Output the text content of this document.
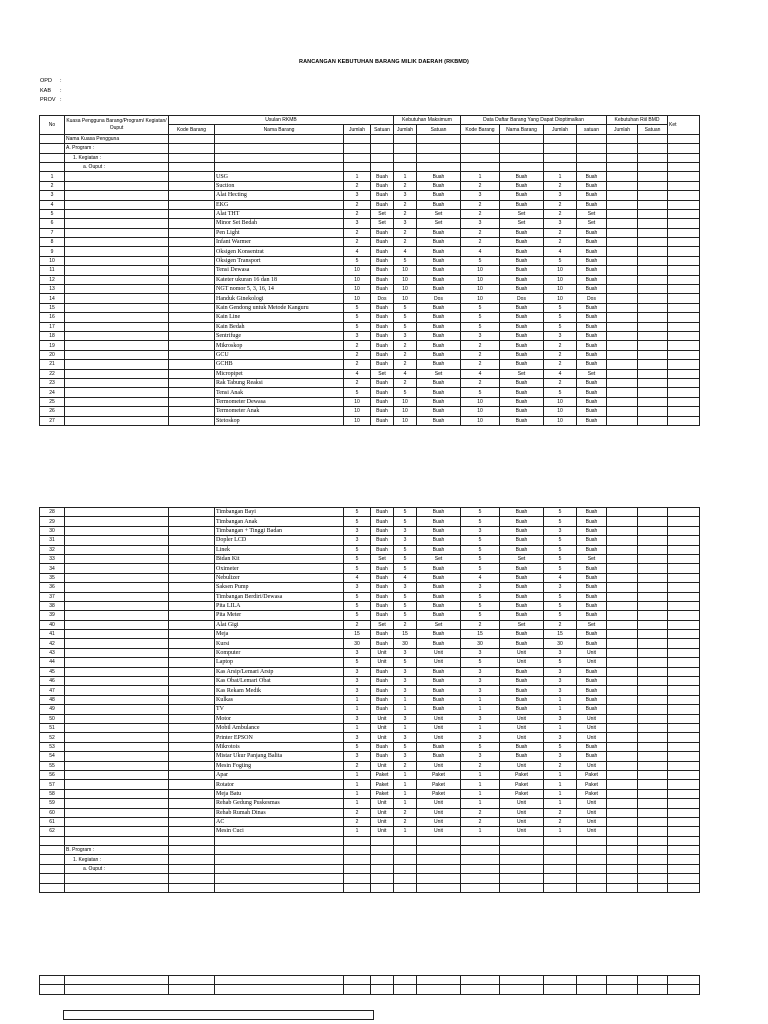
RANCANGAN KEBUTUHAN BARANG MILIK DAERAH (RKBMD)
OPD :
KAB :
PROV :
No	Kuasa Pengguna Barang/Program/ Kegiatan/ Ouput	Usulan RKMB				Kebutuhan Maksimum		Data Daftar Barang Yang Dapat Dioptimalkan				Kebutuhan Riil BMD		Ket
		Kode Barang	Nama Barang	Jumlah	Satuan	Jumlah	Satuan	Kode Barang	Nama Barang	Jumlah	satuan	Jumlah	Satuan	
	Nama Kuasa Pengguna													
	A. Program :													
	1. Kegiatan :													
	a. Ouput :													
1			USG	1	Buah	1	Buah	1	Buah	1	Buah			
2			Suction	2	Buah	2	Buah	2	Buah	2	Buah			
3			Alat Hecting	3	Buah	3	Buah	3	Buah	3	Buah			
4			EKG	2	Buah	2	Buah	2	Buah	2	Buah			
5			Alat THT	2	Set	2	Set	2	Set	2	Set			
6			Minor Set Bedah	3	Set	3	Set	3	Set	3	Set			
7			Pen Light	2	Buah	2	Buah	2	Buah	2	Buah			
8			Infant Warmer	2	Buah	2	Buah	2	Buah	2	Buah			
9			Oksigen Konsentrat	4	Buah	4	Buah	4	Buah	4	Buah			
10			Oksigen Transport	5	Buah	5	Buah	5	Buah	5	Buah			
11			Tensi Dewasa	10	Buah	10	Buah	10	Buah	10	Buah			
12			Kateter ukuran 16 dan 18	10	Buah	10	Buah	10	Buah	10	Buah			
13			NGT nomor 5, 3, 16, 14	10	Buah	10	Buah	10	Buah	10	Buah			
14			Handuk Ginekologi	10	Dos	10	Dos	10	Dos	10	Dos			
15			Kain Gendong untuk Metode Kanguru	5	Buah	5	Buah	5	Buah	5	Buah			
16			Kain Line	5	Buah	5	Buah	5	Buah	5	Buah			
17			Kain Bedah	5	Buah	5	Buah	5	Buah	5	Buah			
18			Sentrifuge	3	Buah	3	Buah	3	Buah	3	Buah			
19			Mikroskop	2	Buah	2	Buah	2	Buah	2	Buah			
20			GCU	2	Buah	2	Buah	2	Buah	2	Buah			
21			GCHB	2	Buah	2	Buah	2	Buah	2	Buah			
22			Micropipet	4	Set	4	Set	4	Set	4	Set			
23			Rak Tabung Reaksi	2	Buah	2	Buah	2	Buah	2	Buah			
24			Tensi Anak	5	Buah	5	Buah	5	Buah	5	Buah			
25			Termometer Dewasa	10	Buah	10	Buah	10	Buah	10	Buah			
26			Termometer Anak	10	Buah	10	Buah	10	Buah	10	Buah			
27			Stetoskop	10	Buah	10	Buah	10	Buah	10	Buah			
28			Timbangan Bayi	5	Buah	5	Buah	5	Buah	5	Buah			
29			Timbangan Anak	5	Buah	5	Buah	5	Buah	5	Buah			
30			Timbangan + Tinggi Badan	3	Buah	3	Buah	3	Buah	3	Buah			
31			Dopler LCD	3	Buah	3	Buah	5	Buah	5	Buah			
32			Linek	5	Buah	5	Buah	5	Buah	5	Buah			
33			Bidan Kit	5	Set	5	Set	5	Set	5	Set			
34			Oximeter	5	Buah	5	Buah	5	Buah	5	Buah			
35			Nebulizer	4	Buah	4	Buah	4	Buah	4	Buah			
36			Saksen Pump	3	Buah	3	Buah	3	Buah	3	Buah			
37			Timbangan Berdiri/Dewasa	5	Buah	5	Buah	5	Buah	5	Buah			
38			Pita LILA	5	Buah	5	Buah	5	Buah	5	Buah			
39			Pita Meter	5	Buah	5	Buah	5	Buah	5	Buah			
40			Alat Gigi	2	Set	2	Set	2	Set	2	Set			
41			Meja	15	Buah	15	Buah	15	Buah	15	Buah			
42			Kursi	30	Buah	30	Buah	30	Buah	30	Buah			
43			Komputer	3	Unit	3	Unit	3	Unit	3	Unit			
44			Laptop	5	Unit	5	Unit	5	Unit	5	Unit			
45			Kas Arsip/Lemari Arsip	3	Buah	3	Buah	3	Buah	3	Buah			
46			Kas Obat/Lemari Obat	3	Buah	3	Buah	3	Buah	3	Buah			
47			Kas Rekam Medik	3	Buah	3	Buah	3	Buah	3	Buah			
48			Kulkas	1	Buah	1	Buah	1	Buah	1	Buah			
49			TV	1	Buah	1	Buah	1	Buah	1	Buah			
50			Motor	3	Unit	3	Unit	3	Unit	3	Unit			
51			Mobil Ambulance	1	Unit	1	Unit	1	Unit	1	Unit			
52			Printer EPSON	3	Unit	3	Unit	3	Unit	3	Unit			
53			Mikrotois	5	Buah	5	Buah	5	Buah	5	Buah			
54			Mistar Ukur Panjang Balita	3	Buah	3	Buah	3	Buah	3	Buah			
55			Mesin Fogiing	2	Unit	2	Unit	2	Unit	2	Unit			
56			Apar	1	Paket	1	Paket	1	Paket	1	Paket			
57			Rotator	1	Paket	1	Paket	1	Paket	1	Paket			
58			Meja Batu	1	Paket	1	Paket	1	Paket	1	Paket			
59			Rehab Gedung Puskesmas	1	Unit	1	Unit	1	Unit	1	Unit			
60			Rehab Rumah Dinas	2	Unit	2	Unit	2	Unit	2	Unit			
61			AC	2	Unit	2	Unit	2	Unit	2	Unit			
62			Mesin Cuci	1	Unit	1	Unit	1	Unit	1	Unit			

	B. Program :													
	1. Kegiatan :													
	a. Ouput :													
